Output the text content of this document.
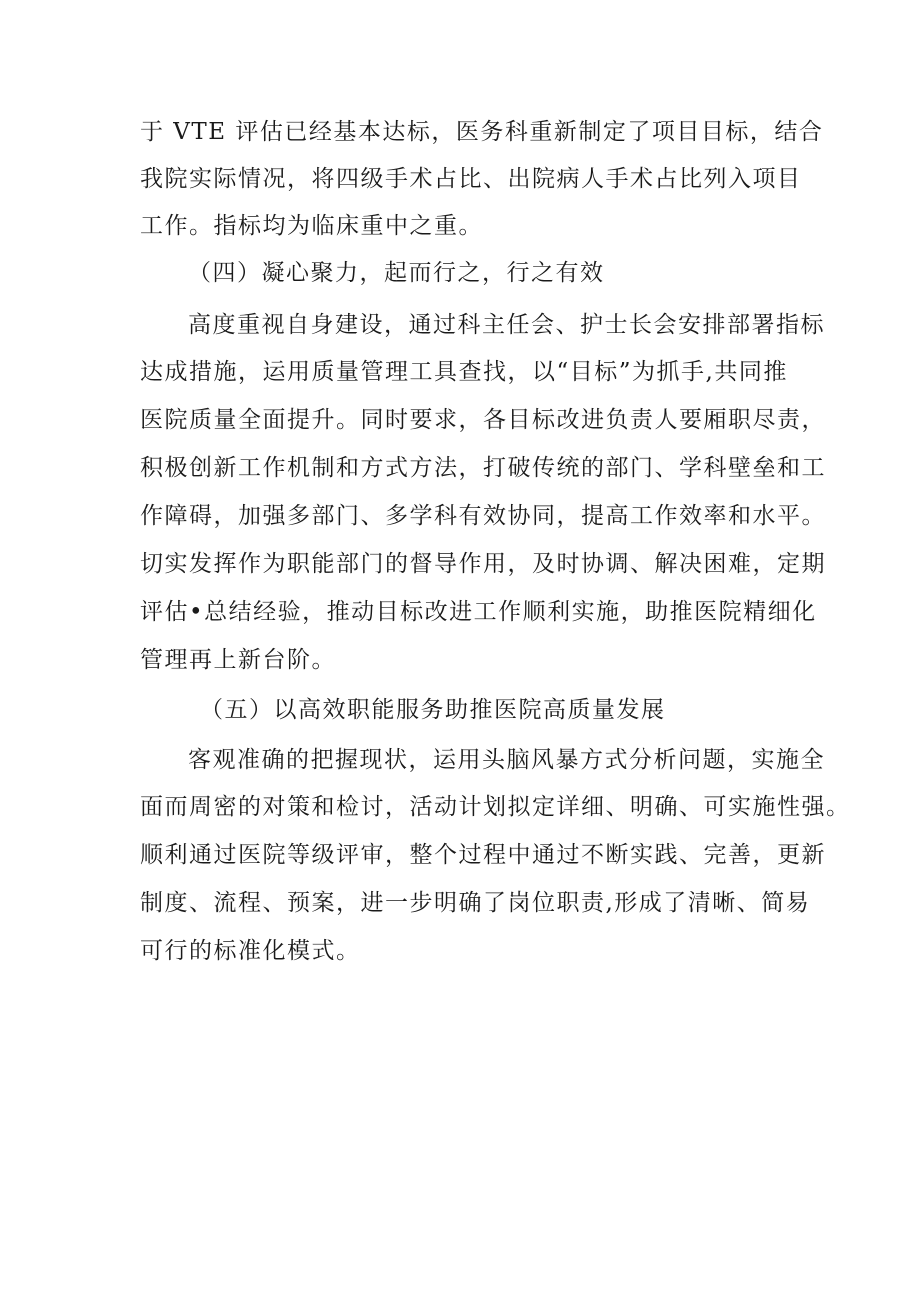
于 VTE 评估已经基本达标，医务科重新制定了项目目标，结合
我院实际情况，将四级手术占比、出院病人手术占比列入项目
工作。指标均为临床重中之重。
（四）凝心聚力，起而行之，行之有效
高度重视自身建设，通过科主任会、护士长会安排部署指标
达成措施，运用质量管理工具查找，以“目标”为抓手,共同推
医院质量全面提升。同时要求，各目标改进负责人要厢职尽责，
积极创新工作机制和方式方法，打破传统的部门、学科壁垒和工
作障碍，加强多部门、多学科有效协同，提高工作效率和水平。
切实发挥作为职能部门的督导作用，及时协调、解决困难，定期
评估•总结经验，推动目标改进工作顺利实施，助推医院精细化
管理再上新台阶。
（五）以高效职能服务助推医院高质量发展
客观准确的把握现状，运用头脑风暴方式分析问题，实施全
面而周密的对策和检讨，活动计划拟定详细、明确、可实施性强。
顺利通过医院等级评审，整个过程中通过不断实践、完善，更新
制度、流程、预案，进一步明确了岗位职责,形成了清晰、简易
可行的标准化模式。
